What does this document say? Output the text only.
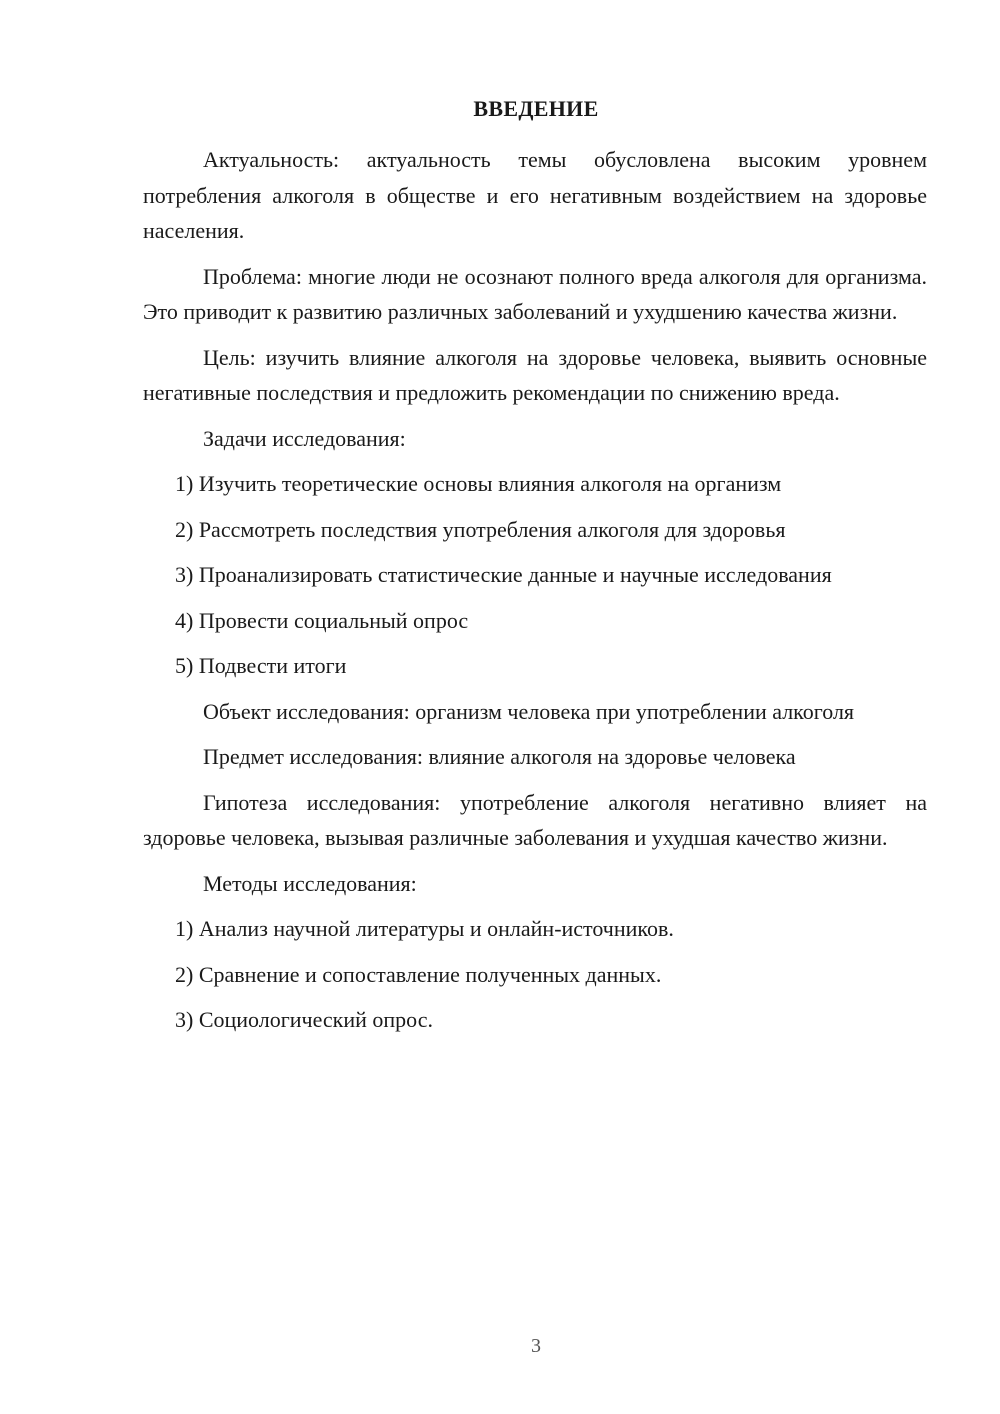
ВВЕДЕНИЕ

Актуальность: актуальность темы обусловлена высоким уровнем потребления алкоголя в обществе и его негативным воздействием на здоровье населения.

Проблема: многие люди не осознают полного вреда алкоголя для организма. Это приводит к развитию различных заболеваний и ухудшению качества жизни.

Цель: изучить влияние алкоголя на здоровье человека, выявить основные негативные последствия и предложить рекомендации по снижению вреда.

Задачи исследования:

1) Изучить теоретические основы влияния алкоголя на организм

2) Рассмотреть последствия употребления алкоголя для здоровья

3) Проанализировать статистические данные и научные исследования

4) Провести социальный опрос

5) Подвести итоги

Объект исследования: организм человека при употреблении алкоголя

Предмет исследования: влияние алкоголя на здоровье человека

Гипотеза исследования: употребление алкоголя негативно влияет на здоровье человека, вызывая различные заболевания и ухудшая качество жизни.

Методы исследования:

1) Анализ научной литературы и онлайн-источников.

2) Сравнение и сопоставление полученных данных.

3) Социологический опрос.

3
